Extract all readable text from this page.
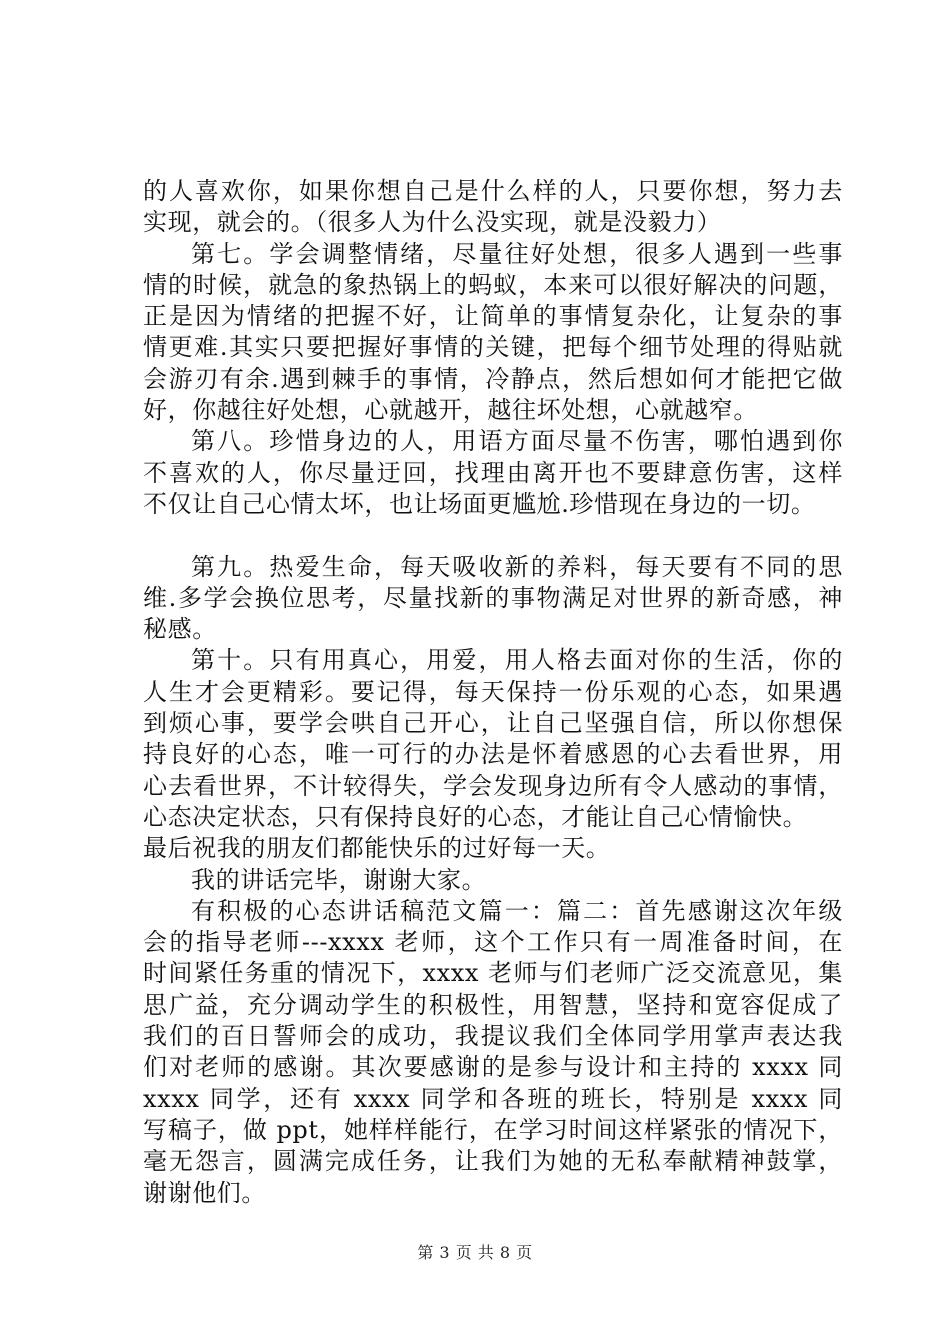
的人喜欢你，如果你想自己是什么样的人，只要你想，努力去
实现，就会的。（很多人为什么没实现，就是没毅力）
第七。学会调整情绪，尽量往好处想，很多人遇到一些事
情的时候，就急的象热锅上的蚂蚁，本来可以很好解决的问题，
正是因为情绪的把握不好，让简单的事情复杂化，让复杂的事
情更难.其实只要把握好事情的关键，把每个细节处理的得贴就
会游刃有余.遇到棘手的事情，冷静点，然后想如何才能把它做
好，你越往好处想，心就越开，越往坏处想，心就越窄。
第八。珍惜身边的人，用语方面尽量不伤害，哪怕遇到你
不喜欢的人，你尽量迂回，找理由离开也不要肆意伤害，这样
不仅让自己心情太坏，也让场面更尴尬.珍惜现在身边的一切。
第九。热爱生命，每天吸收新的养料，每天要有不同的思
维.多学会换位思考，尽量找新的事物满足对世界的新奇感，神
秘感。
第十。只有用真心，用爱，用人格去面对你的生活，你的
人生才会更精彩。要记得，每天保持一份乐观的心态，如果遇
到烦心事，要学会哄自己开心，让自己坚强自信，所以你想保
持良好的心态，唯一可行的办法是怀着感恩的心去看世界，用
心去看世界，不计较得失，学会发现身边所有令人感动的事情，
心态决定状态，只有保持良好的心态，才能让自己心情愉快。
最后祝我的朋友们都能快乐的过好每一天。
我的讲话完毕，谢谢大家。
有积极的心态讲话稿范文篇一：篇二：首先感谢这次年级
会的指导老师---xxxx 老师，这个工作只有一周准备时间，在
时间紧任务重的情况下，xxxx 老师与们老师广泛交流意见，集
思广益，充分调动学生的积极性，用智慧，坚持和宽容促成了
我们的百日誓师会的成功，我提议我们全体同学用掌声表达我
们对老师的感谢。其次要感谢的是参与设计和主持的 xxxx 同
xxxx 同学，还有 xxxx 同学和各班的班长，特别是 xxxx 同
写稿子，做 ppt，她样样能行，在学习时间这样紧张的情况下，
毫无怨言，圆满完成任务，让我们为她的无私奉献精神鼓掌，
谢谢他们。
第 3 页 共 8 页
